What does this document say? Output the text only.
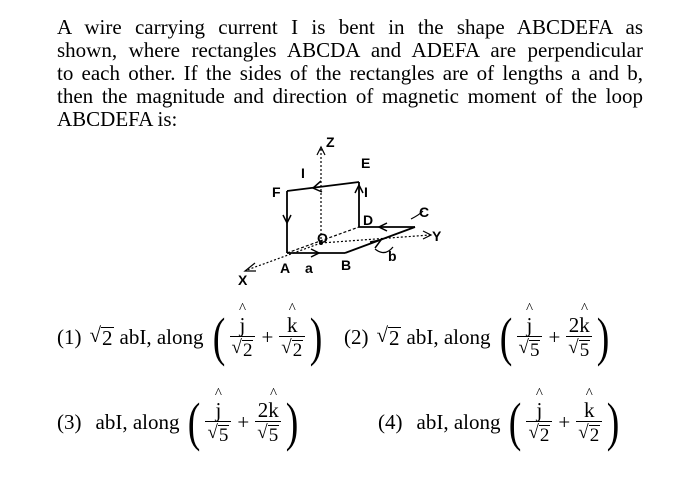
A wire carrying current I is bent in the shape ABCDEFA as
shown, where rectangles ABCDA and ADEFA are perpendicular
to each other. If the sides of the rectangles are of lengths a and b,
then the magnitude and direction of magnetic moment of the loop
ABCDEFA is:
Z
E
I
I
F
C
D
Y
O
b
X
A a B
(1) √ 2 abI, along ( ^ $\frac{j}{√ 2}$ + ^ $\frac{k}{√ 2}$ ) (2) √ 2 abI, along ( ^ $\frac{j}{√ 5} + \frac{2\^{} k}{√ 5}$ )
(3) abI, along ( ^ $\frac{j}{√ 5} + \frac{2\^{} k}{√ 5}$ )	(4) abI, along ( ^ $\frac{j}{√ 2}$ + ^ $\frac{k}{√ 2}$ )
